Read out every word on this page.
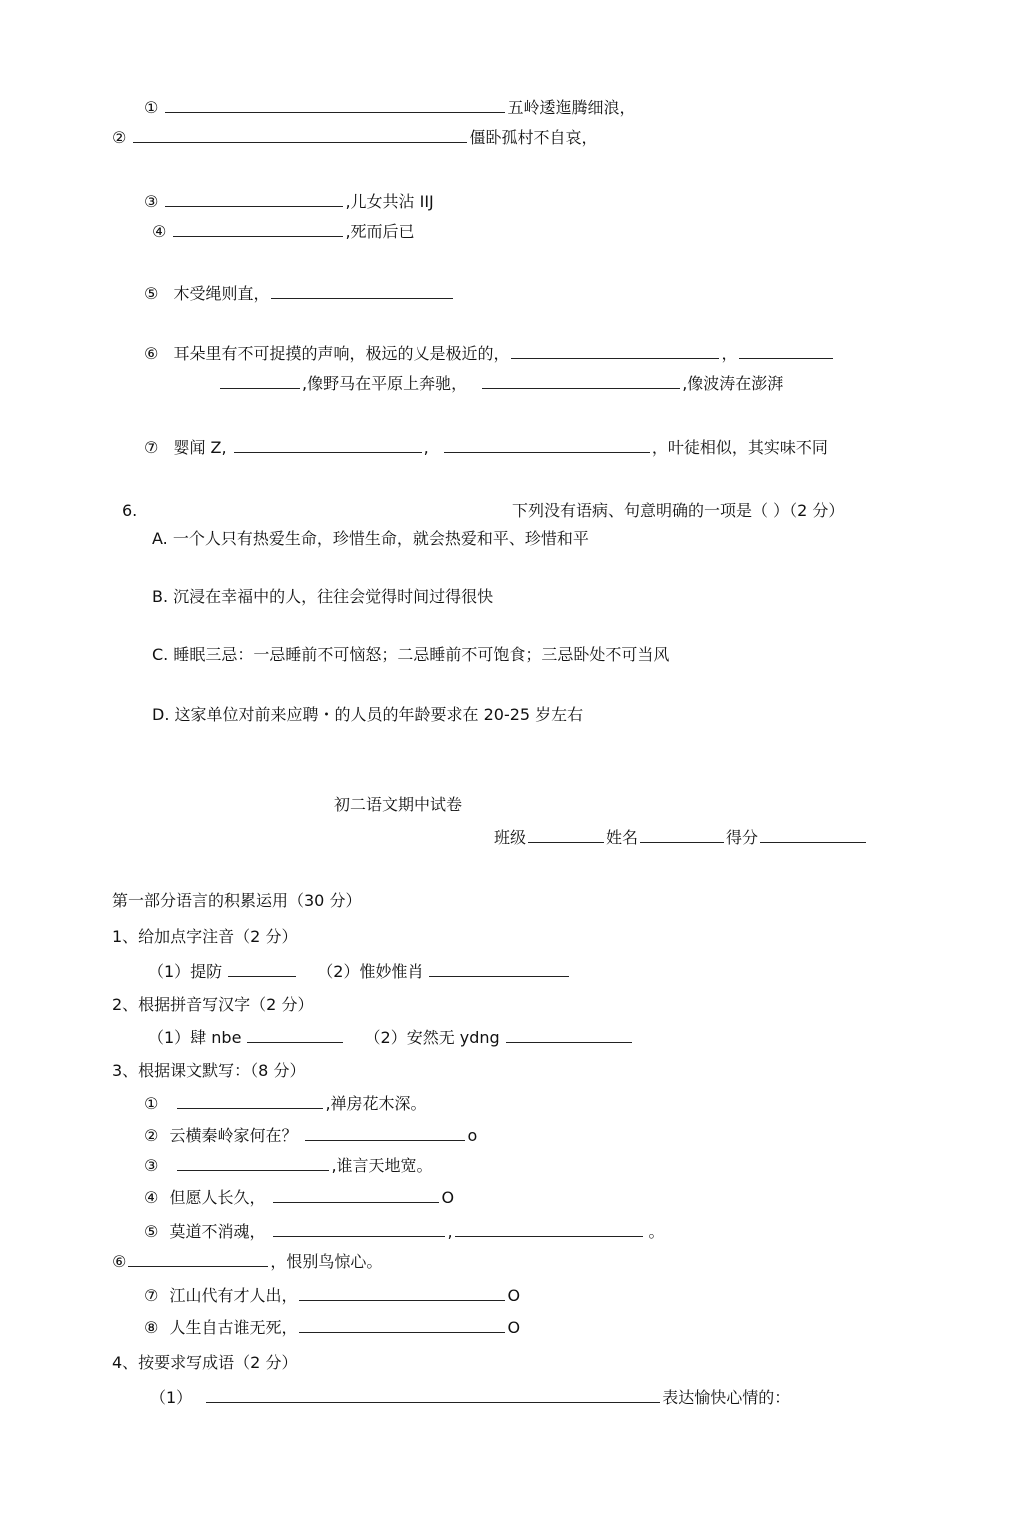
①	五岭逶迤腾细浪，
②	僵卧孤村不自哀，
③	,儿女共沾 IIJ
④	,死而后已
⑤ 木受绳则直，
⑥ 耳朵里有不可捉摸的声响，极远的乂是极近的，	，
,像野马在平原上奔驰，	,像波涛在澎湃
⑦ 婴闻 Z,	,	，叶徒相似，其实味不同
6.	下列没有语病、句意明确的一项是（ ）（2 分）
A. 一个人只有热爱生命，珍惜生命，就会热爱和平、珍惜和平
B. 沉浸在幸福中的人，往往会觉得时间过得很快
C. 睡眠三忌：一忌睡前不可恼怒；二忌睡前不可饱食；三忌卧处不可当风
D. 这家单位对前来应聘・的人员的年龄要求在 20-25 岁左右
初二语文期中试卷
班级	姓名	得分
第一部分语言的积累运用（30 分）
1、给加点字注音（2 分）
（1）提防	（2）惟妙惟肖
2、根据拼音写汉字（2 分）
（1）肆 nbe	（2）安然无 ydng
3、根据课文默写：（8 分）
①	,禅房花木深。
② 云横秦岭家何在？	o
③	,谁言天地宽。
④ 但愿人长久，	O
⑤ 莫道不消魂，	,	。
⑥	，恨别鸟惊心。
⑦ 江山代有才人出，	O
⑧ 人生自古谁无死，	O
4、按要求写成语（2 分）
（1）	表达愉快心情的：
